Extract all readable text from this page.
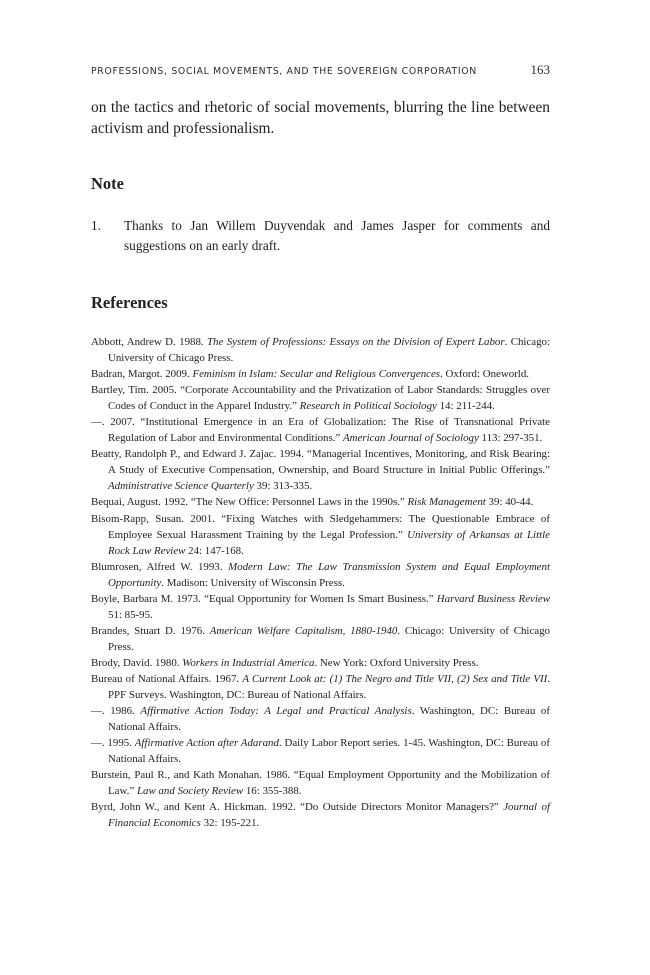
PROFESSIONS, SOCIAL MOVEMENTS, AND THE SOVEREIGN CORPORATION	163

on the tactics and rhetoric of social movements, blurring the line between activism and professionalism.

Note
1.	Thanks to Jan Willem Duyvendak and James Jasper for comments and suggestions on an early draft.
References
Abbott, Andrew D. 1988. The System of Professions: Essays on the Division of Expert Labor. Chicago: University of Chicago Press.
Badran, Margot. 2009. Feminism in Islam: Secular and Religious Convergences. Oxford: Oneworld.
Bartley, Tim. 2005. “Corporate Accountability and the Privatization of Labor Standards: Struggles over Codes of Conduct in the Apparel Industry.” Research in Political Sociology 14: 211-244.
—. 2007. “Institutional Emergence in an Era of Globalization: The Rise of Transnational Private Regulation of Labor and Environmental Conditions.” American Journal of Sociology 113: 297-351.
Beatty, Randolph P., and Edward J. Zajac. 1994. “Managerial Incentives, Monitoring, and Risk Bearing: A Study of Executive Compensation, Ownership, and Board Structure in Initial Public Offerings.” Administrative Science Quarterly 39: 313-335.
Bequai, August. 1992. “The New Office: Personnel Laws in the 1990s.” Risk Management 39: 40-44.
Bisom-Rapp, Susan. 2001. “Fixing Watches with Sledgehammers: The Questionable Embrace of Employee Sexual Harassment Training by the Legal Profession.” University of Arkansas at Little Rock Law Review 24: 147-168.
Blumrosen, Alfred W. 1993. Modern Law: The Law Transmission System and Equal Employment Opportunity. Madison: University of Wisconsin Press.
Boyle, Barbara M. 1973. “Equal Opportunity for Women Is Smart Business.” Harvard Business Review 51: 85-95.
Brandes, Stuart D. 1976. American Welfare Capitalism, 1880-1940. Chicago: University of Chicago Press.
Brody, David. 1980. Workers in Industrial America. New York: Oxford University Press.
Bureau of National Affairs. 1967. A Current Look at: (1) The Negro and Title VII, (2) Sex and Title VII. PPF Surveys. Washington, DC: Bureau of National Affairs.
—. 1986. Affirmative Action Today: A Legal and Practical Analysis. Washington, DC: Bureau of National Affairs.
—. 1995. Affirmative Action after Adarand. Daily Labor Report series. 1-45. Washington, DC: Bureau of National Affairs.
Burstein, Paul R., and Kath Monahan. 1986. “Equal Employment Opportunity and the Mobilization of Law.” Law and Society Review 16: 355-388.
Byrd, John W., and Kent A. Hickman. 1992. “Do Outside Directors Monitor Managers?” Journal of Financial Economics 32: 195-221.
